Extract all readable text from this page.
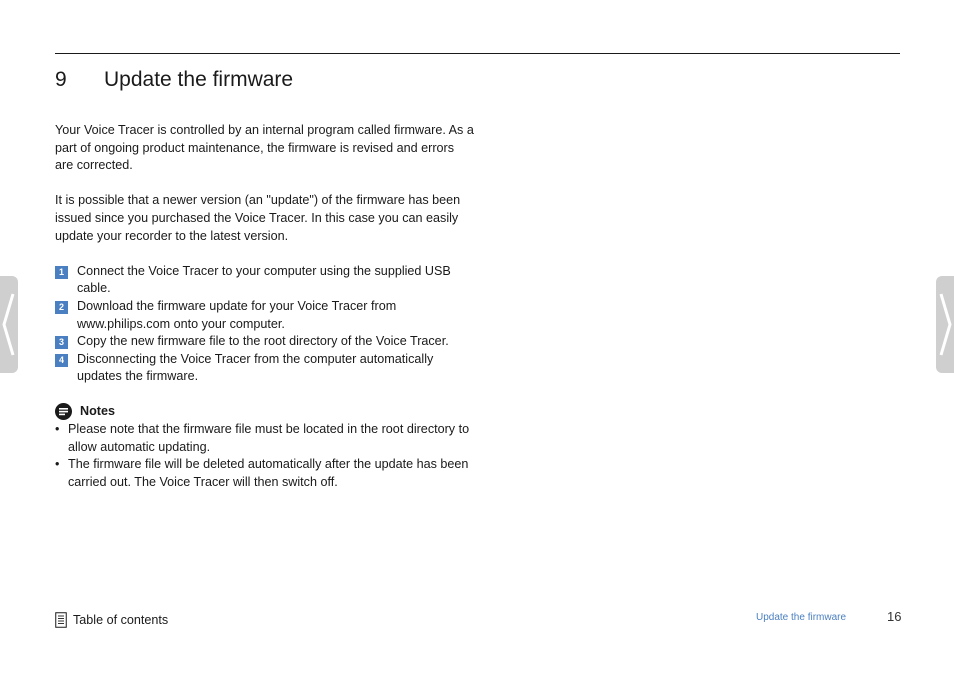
9 Update the firmware

Your Voice Tracer is controlled by an internal program called firmware. As a part of ongoing product maintenance, the firmware is revised and errors are corrected.

It is possible that a newer version (an "update") of the firmware has been issued since you purchased the Voice Tracer. In this case you can easily update your recorder to the latest version.

1	Connect the Voice Tracer to your computer using the supplied USB cable.
2	Download the firmware update for your Voice Tracer from www.philips.com onto your computer.
3	Copy the new firmware file to the root directory of the Voice Tracer.
4	Disconnecting the Voice Tracer from the computer automatically updates the firmware.
Notes
• Please note that the firmware file must be located in the root directory to allow automatic updating.
• The firmware file will be deleted automatically after the update has been carried out. The Voice Tracer will then switch off.
Table of contents	Update the firmware	16
